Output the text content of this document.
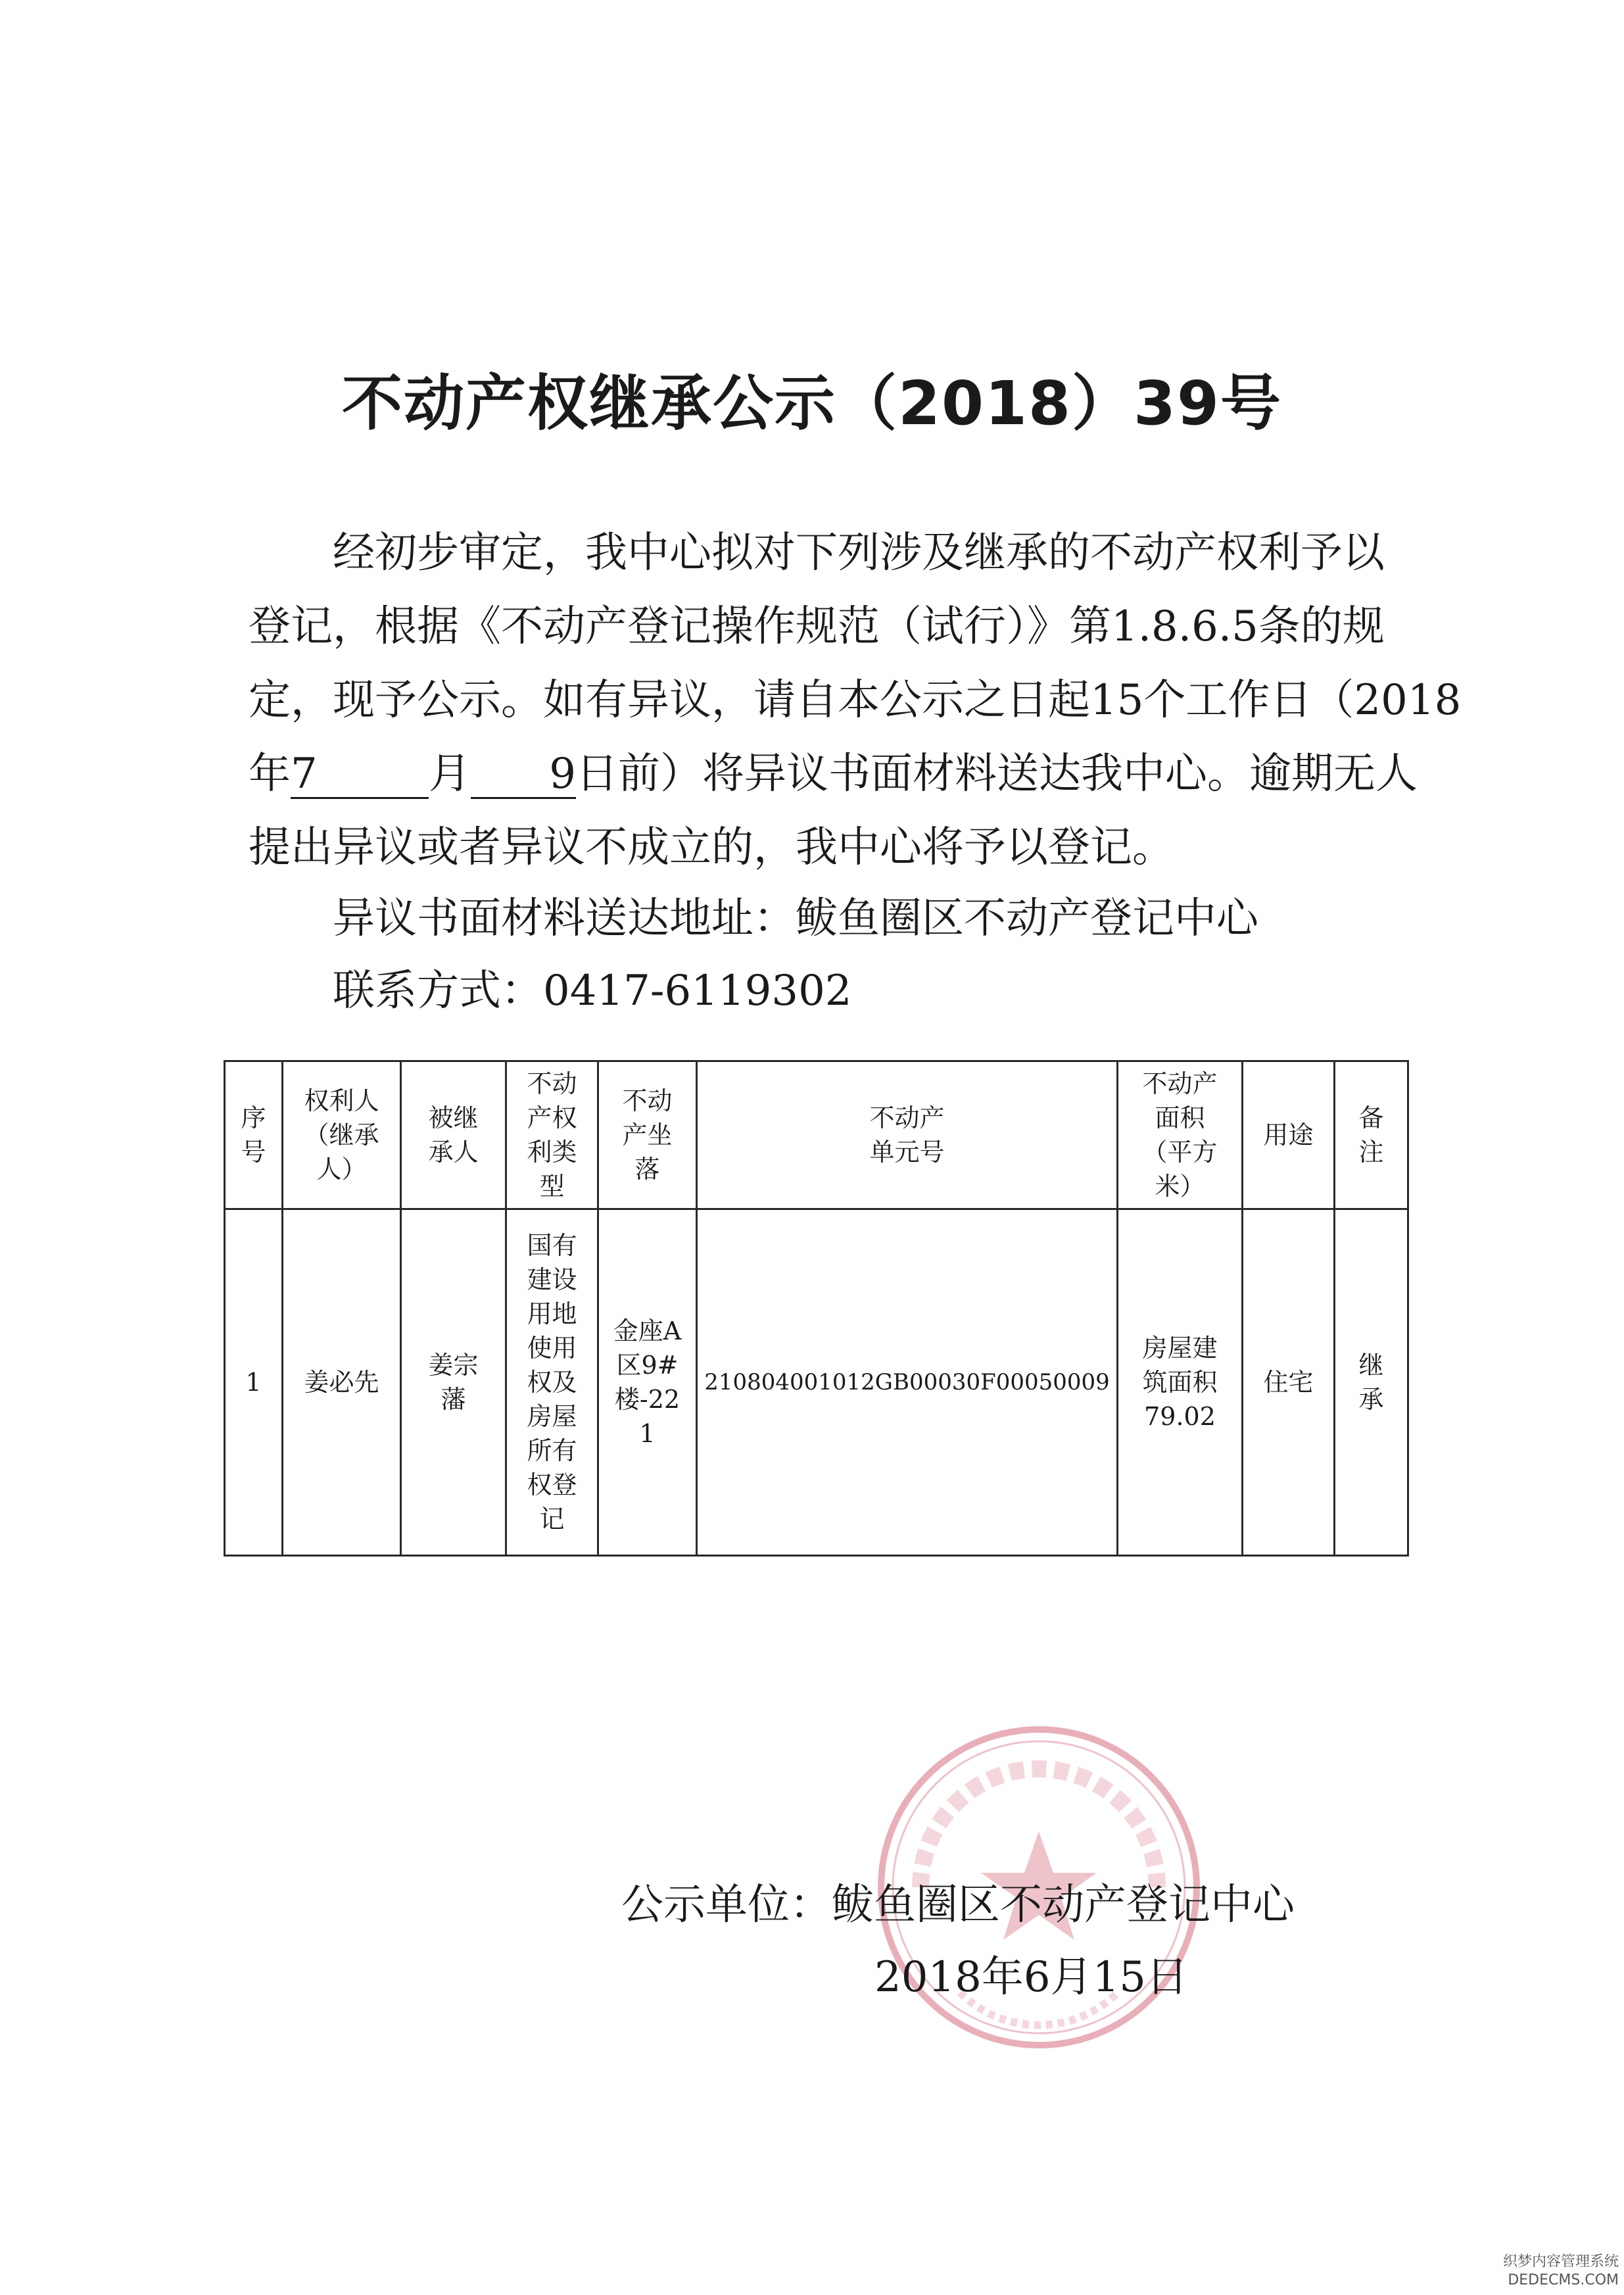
不动产权继承公示（2018）39号
经初步审定，我中心拟对下列涉及继承的不动产权利予以
登记，根据《不动产登记操作规范（试行）》第1.8.6.5条的规
定，现予公示。如有异议，请自本公示之日起15个工作日（2018
年7	月 9日前）将异议书面材料送达我中心。逾期无人
提出异议或者异议不成立的，我中心将予以登记。
异议书面材料送达地址：鲅鱼圈区不动产登记中心
联系方式：0417-6119302
序号	权利人（继承人）	被继承人	不动产权利类型	不动产坐落	不动产单元号	不动产面积（平方米）	用途	备注
1	姜必先	姜宗藩	国有建设用地使用权及房屋所有权登记	金座A区9#楼-221	210804001012GB00030F00050009	房屋建筑面积79.02	住宅	继承
公示单位：鲅鱼圈区不动产登记中心
2018年6月15日
织梦内容管理系统
DEDECMS.COM
